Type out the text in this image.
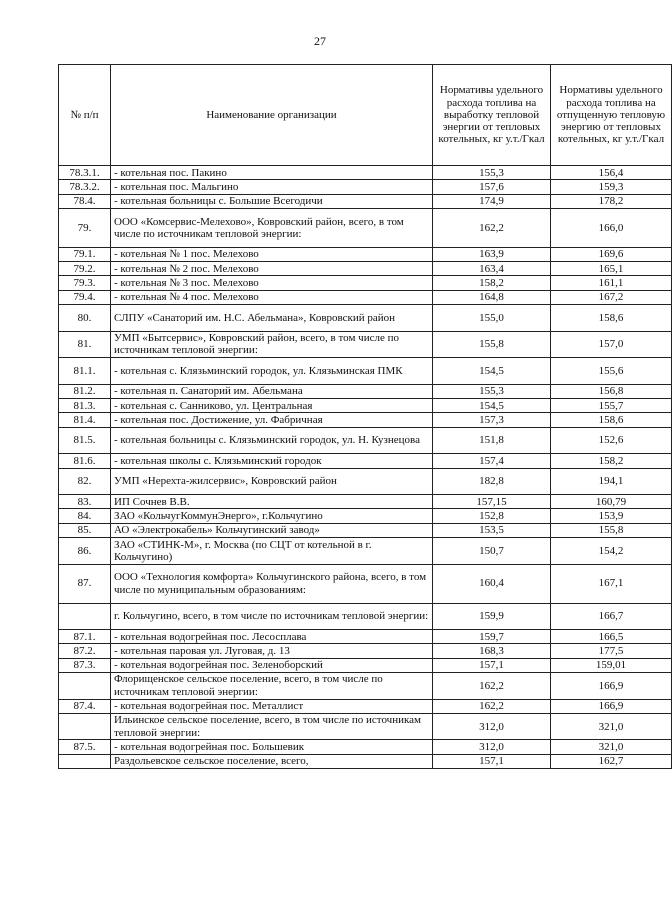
27
№ п/п	Наименование организации	Нормативы удельного расхода топлива на выработку тепловой энергии от тепловых котельных, кг у.т./Гкал	Нормативы удельного расхода топлива на отпущенную тепловую энергию от тепловых котельных, кг у.т./Гкал
78.3.1.	- котельная пос. Пакино	155,3	156,4
78.3.2.	- котельная пос. Мальгино	157,6	159,3
78.4.	- котельная больницы с. Большие Всегодичи	174,9	178,2
79.	ООО «Комсервис-Мелехово», Ковровский район, всего, в том числе по источникам тепловой энергии:	162,2	166,0
79.1.	- котельная № 1 пос. Мелехово	163,9	169,6
79.2.	- котельная № 2 пос. Мелехово	163,4	165,1
79.3.	- котельная № 3 пос. Мелехово	158,2	161,1
79.4.	- котельная № 4 пос. Мелехово	164,8	167,2
80.	СЛПУ «Санаторий им. Н.С. Абельмана», Ковровский район	155,0	158,6
81.	УМП «Бытсервис», Ковровский район, всего, в том числе по источникам тепловой энергии:	155,8	157,0
81.1.	- котельная с. Клязьминский городок, ул. Клязьминская ПМК	154,5	155,6
81.2.	- котельная п. Санаторий им. Абельмана	155,3	156,8
81.3.	- котельная с. Санниково, ул. Центральная	154,5	155,7
81.4.	- котельная пос. Достижение, ул. Фабричная	157,3	158,6
81.5.	- котельная больницы с. Клязьминский городок, ул. Н. Кузнецова	151,8	152,6
81.6.	- котельная школы с. Клязьминский городок	157,4	158,2
82.	УМП «Нерехта-жилсервис», Ковровский район	182,8	194,1
83.	ИП Сочнев В.В.	157,15	160,79
84.	ЗАО «КольчугКоммунЭнерго», г.Кольчугино	152,8	153,9
85.	АО «Электрокабель» Кольчугинский завод»	153,5	155,8
86.	ЗАО «СТИНК-М», г. Москва (по СЦТ от котельной в г. Кольчугино)	150,7	154,2
87.	ООО «Технология комфорта» Кольчугинского района, всего, в том числе по муниципальным образованиям:	160,4	167,1
	г. Кольчугино, всего, в том числе по источникам тепловой энергии:	159,9	166,7
87.1.	- котельная водогрейная пос. Лесосплава	159,7	166,5
87.2.	- котельная паровая ул. Луговая, д. 13	168,3	177,5
87.3.	- котельная водогрейная пос. Зеленоборский	157,1	159,01
	Флорищенское сельское поселение, всего, в том числе по источникам тепловой энергии:	162,2	166,9
87.4.	- котельная водогрейная пос. Металлист	162,2	166,9
	Ильинское сельское поселение, всего, в том числе по источникам тепловой энергии:	312,0	321,0
87.5.	- котельная водогрейная пос. Большевик	312,0	321,0
	Раздольевское сельское поселение, всего,	157,1	162,7
